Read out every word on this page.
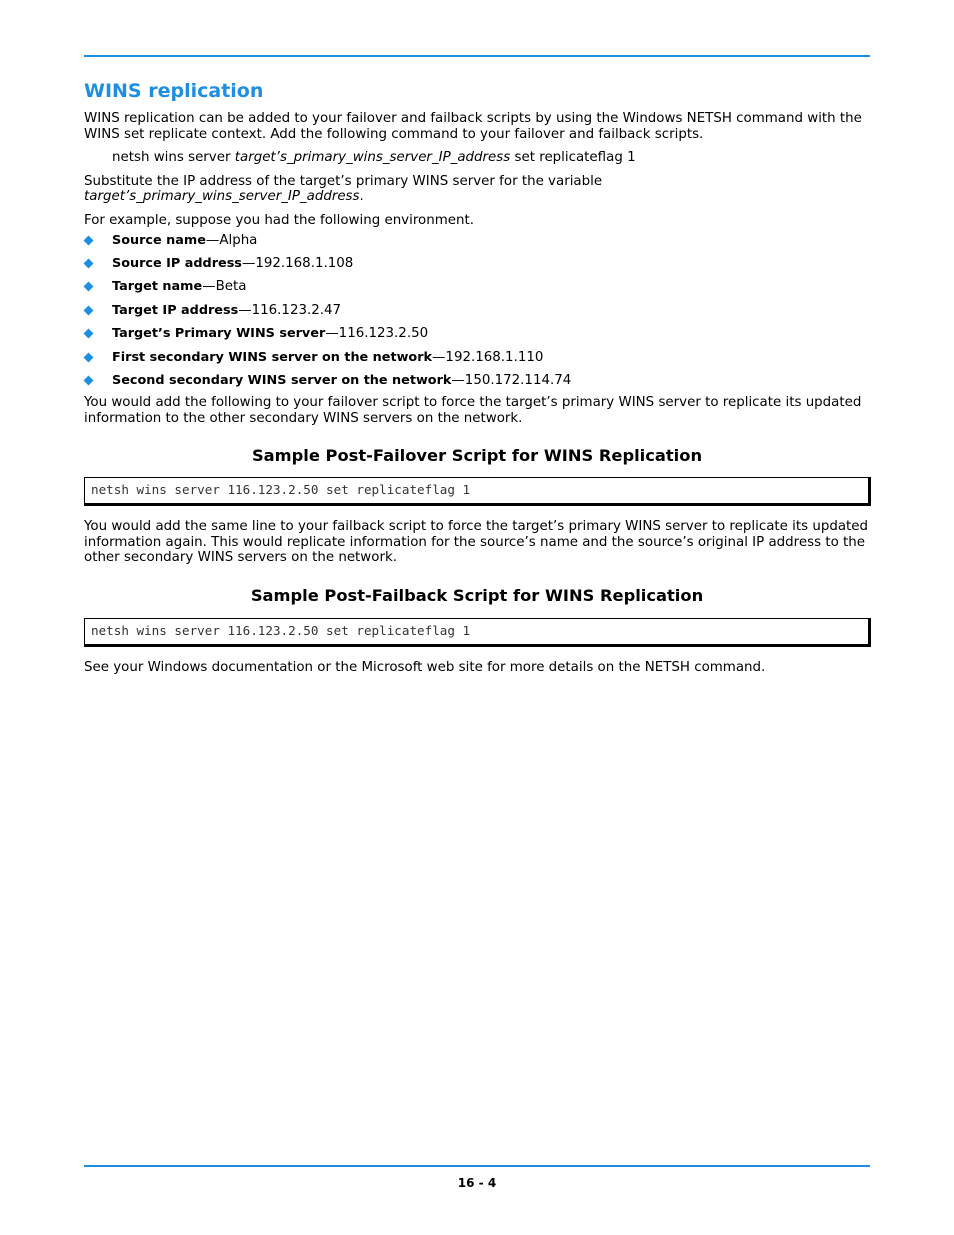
WINS replication

WINS replication can be added to your failover and failback scripts by using the Windows NETSH command with the WINS set replicate context. Add the following command to your failover and failback scripts.

netsh wins server target’s_primary_wins_server_IP_address set replicateflag 1

Substitute the IP address of the target’s primary WINS server for the variable target’s_primary_wins_server_IP_address.

For example, suppose you had the following environment.

Source name—Alpha
Source IP address—192.168.1.108
Target name—Beta
Target IP address—116.123.2.47
Target’s Primary WINS server—116.123.2.50
First secondary WINS server on the network—192.168.1.110
Second secondary WINS server on the network—150.172.114.74

You would add the following to your failover script to force the target’s primary WINS server to replicate its updated information to the other secondary WINS servers on the network.

Sample Post-Failover Script for WINS Replication
netsh wins server 116.123.2.50 set replicateflag 1

You would add the same line to your failback script to force the target’s primary WINS server to replicate its updated information again. This would replicate information for the source’s name and the source’s original IP address to the other secondary WINS servers on the network.

Sample Post-Failback Script for WINS Replication
netsh wins server 116.123.2.50 set replicateflag 1

See your Windows documentation or the Microsoft web site for more details on the NETSH command.

16 - 4
